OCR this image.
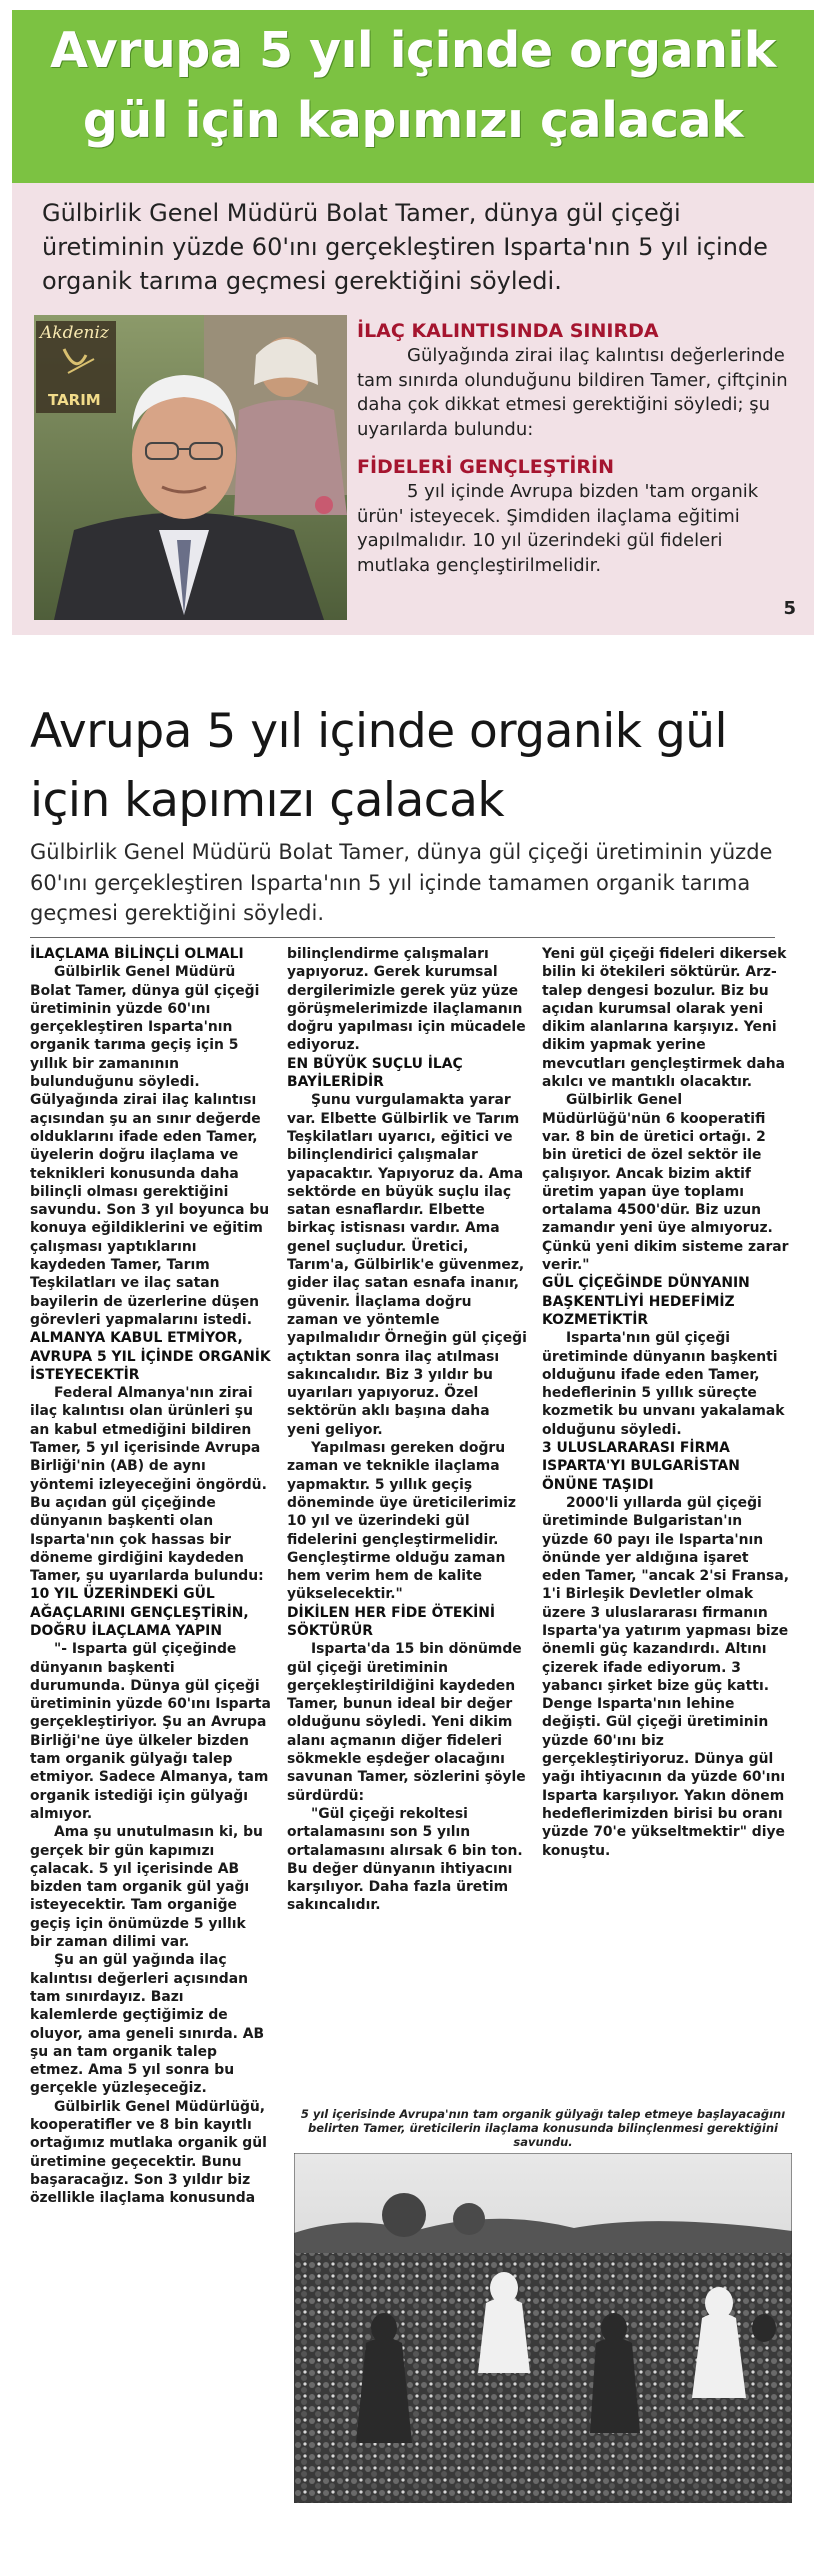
Avrupa 5 yıl içinde organik gül için kapımızı çalacak

Gülbirlik Genel Müdürü Bolat Tamer, dünya gül çiçeği üretiminin yüzde 60'ını gerçekleştiren Isparta'nın 5 yıl içinde organik tarıma geçmesi gerektiğini söyledi.

Akdeniz
TARIM

İLAÇ KALINTISINDA SINIRDA

Gülyağında zirai ilaç kalıntısı değerlerinde tam sınırda olunduğunu bildiren Tamer, çiftçinin daha çok dikkat etmesi gerektiğini söyledi; şu uyarılarda bulundu:

FİDELERİ GENÇLEŞTİRİN

5 yıl içinde Avrupa bizden 'tam organik ürün' isteyecek. Şimdiden ilaçlama eğitimi yapılmalıdır. 10 yıl üzerindeki gül fideleri mutlaka gençleştirilmelidir.

5
Avrupa 5 yıl içinde organik gül için kapımızı çalacak

Gülbirlik Genel Müdürü Bolat Tamer, dünya gül çiçeği üretiminin yüzde 60'ını gerçekleştiren Isparta'nın 5 yıl içinde tamamen organik tarıma geçmesi gerektiğini söyledi.

İLAÇLAMA BİLİNÇLİ OLMALI

Gülbirlik Genel Müdürü Bolat Tamer, dünya gül çiçeği üretiminin yüzde 60'ını gerçekleştiren Isparta'nın organik tarıma geçiş için 5 yıllık bir zamanının bulunduğunu söyledi. Gülyağında zirai ilaç kalıntısı açısından şu an sınır değerde olduklarını ifade eden Tamer, üyelerin doğru ilaçlama ve teknikleri konusunda daha bilinçli olması gerektiğini savundu. Son 3 yıl boyunca bu konuya eğildiklerini ve eğitim çalışması yaptıklarını kaydeden Tamer, Tarım Teşkilatları ve ilaç satan bayilerin de üzerlerine düşen görevleri yapmalarını istedi.

ALMANYA KABUL ETMİYOR, AVRUPA 5 YIL İÇİNDE ORGANİK İSTEYECEKTİR

Federal Almanya'nın zirai ilaç kalıntısı olan ürünleri şu an kabul etmediğini bildiren Tamer, 5 yıl içerisinde Avrupa Birliği'nin (AB) de aynı yöntemi izleyeceğini öngördü. Bu açıdan gül çiçeğinde dünyanın başkenti olan Isparta'nın çok hassas bir döneme girdiğini kaydeden Tamer, şu uyarılarda bulundu:

10 YIL ÜZERİNDEKİ GÜL AĞAÇLARINI GENÇLEŞTİRİN, DOĞRU İLAÇLAMA YAPIN

"- Isparta gül çiçeğinde dünyanın başkenti durumunda. Dünya gül çiçeği üretiminin yüzde 60'ını Isparta gerçekleştiriyor. Şu an Avrupa Birliği'ne üye ülkeler bizden tam organik gülyağı talep etmiyor. Sadece Almanya, tam organik istediği için gülyağı almıyor.

Ama şu unutulmasın ki, bu gerçek bir gün kapımızı çalacak. 5 yıl içerisinde AB bizden tam organik gül yağı isteyecektir. Tam organiğe geçiş için önümüzde 5 yıllık bir zaman dilimi var.

Şu an gül yağında ilaç kalıntısı değerleri açısından tam sınırdayız. Bazı kalemlerde geçtiğimiz de oluyor, ama geneli sınırda. AB şu an tam organik talep etmez. Ama 5 yıl sonra bu gerçekle yüzleşeceğiz.

Gülbirlik Genel Müdürlüğü, kooperatifler ve 8 bin kayıtlı ortağımız mutlaka organik gül üretimine geçecektir. Bunu başaracağız. Son 3 yıldır biz özellikle ilaçlama konusunda

bilinçlendirme çalışmaları yapıyoruz. Gerek kurumsal dergilerimizle gerek yüz yüze görüşmelerimizde ilaçlamanın doğru yapılması için mücadele ediyoruz.

EN BÜYÜK SUÇLU İLAÇ BAYİLERİDİR

Şunu vurgulamakta yarar var. Elbette Gülbirlik ve Tarım Teşkilatları uyarıcı, eğitici ve bilinçlendirici çalışmalar yapacaktır. Yapıyoruz da. Ama sektörde en büyük suçlu ilaç satan esnaflardır. Elbette birkaç istisnası vardır. Ama genel suçludur. Üretici, Tarım'a, Gülbirlik'e güvenmez, gider ilaç satan esnafa inanır, güvenir. İlaçlama doğru zaman ve yöntemle yapılmalıdır Örneğin gül çiçeği açtıktan sonra ilaç atılması sakıncalıdır. Biz 3 yıldır bu uyarıları yapıyoruz. Özel sektörün aklı başına daha yeni geliyor.

Yapılması gereken doğru zaman ve teknikle ilaçlama yapmaktır. 5 yıllık geçiş döneminde üye üreticilerimiz 10 yıl ve üzerindeki gül fidelerini gençleştirmelidir. Gençleştirme olduğu zaman hem verim hem de kalite yükselecektir."

DİKİLEN HER FİDE ÖTEKİNİ SÖKTÜRÜR

Isparta'da 15 bin dönümde gül çiçeği üretiminin gerçekleştirildiğini kaydeden Tamer, bunun ideal bir değer olduğunu söyledi. Yeni dikim alanı açmanın diğer fideleri sökmekle eşdeğer olacağını savunan Tamer, sözlerini şöyle sürdürdü:

"Gül çiçeği rekoltesi ortalamasını son 5 yılın ortalamasını alırsak 6 bin ton. Bu değer dünyanın ihtiyacını karşılıyor. Daha fazla üretim sakıncalıdır.

Yeni gül çiçeği fideleri dikersek bilin ki ötekileri söktürür. Arz- talep dengesi bozulur. Biz bu açıdan kurumsal olarak yeni dikim alanlarına karşıyız. Yeni dikim yapmak yerine mevcutları gençleştirmek daha akılcı ve mantıklı olacaktır.

Gülbirlik Genel Müdürlüğü'nün 6 kooperatifi var. 8 bin de üretici ortağı. 2 bin üretici de özel sektör ile çalışıyor. Ancak bizim aktif üretim yapan üye toplamı ortalama 4500'dür. Biz uzun zamandır yeni üye almıyoruz. Çünkü yeni dikim sisteme zarar verir."

GÜL ÇİÇEĞİNDE DÜNYANIN BAŞKENTLİYİ HEDEFİMİZ KOZMETİKTİR

Isparta'nın gül çiçeği üretiminde dünyanın başkenti olduğunu ifade eden Tamer, hedeflerinin 5 yıllık süreçte kozmetik bu unvanı yakalamak olduğunu söyledi.

3 ULUSLARARASI FİRMA ISPARTA'YI BULGARİSTAN ÖNÜNE TAŞIDI

2000'li yıllarda gül çiçeği üretiminde Bulgaristan'ın yüzde 60 payı ile Isparta'nın önünde yer aldığına işaret eden Tamer, "ancak 2'si Fransa, 1'i Birleşik Devletler olmak üzere 3 uluslararası firmanın Isparta'ya yatırım yapması bize önemli güç kazandırdı. Altını çizerek ifade ediyorum. 3 yabancı şirket bize güç kattı. Denge Isparta'nın lehine değişti. Gül çiçeği üretiminin yüzde 60'ını biz gerçekleştiriyoruz. Dünya gül yağı ihtiyacının da yüzde 60'ını Isparta karşılıyor. Yakın dönem hedeflerimizden birisi bu oranı yüzde 70'e yükseltmektir" diye konuştu.

5 yıl içerisinde Avrupa'nın tam organik gülyağı talep etmeye başlayacağını belirten Tamer, üreticilerin ilaçlama konusunda bilinçlenmesi gerektiğini savundu.
